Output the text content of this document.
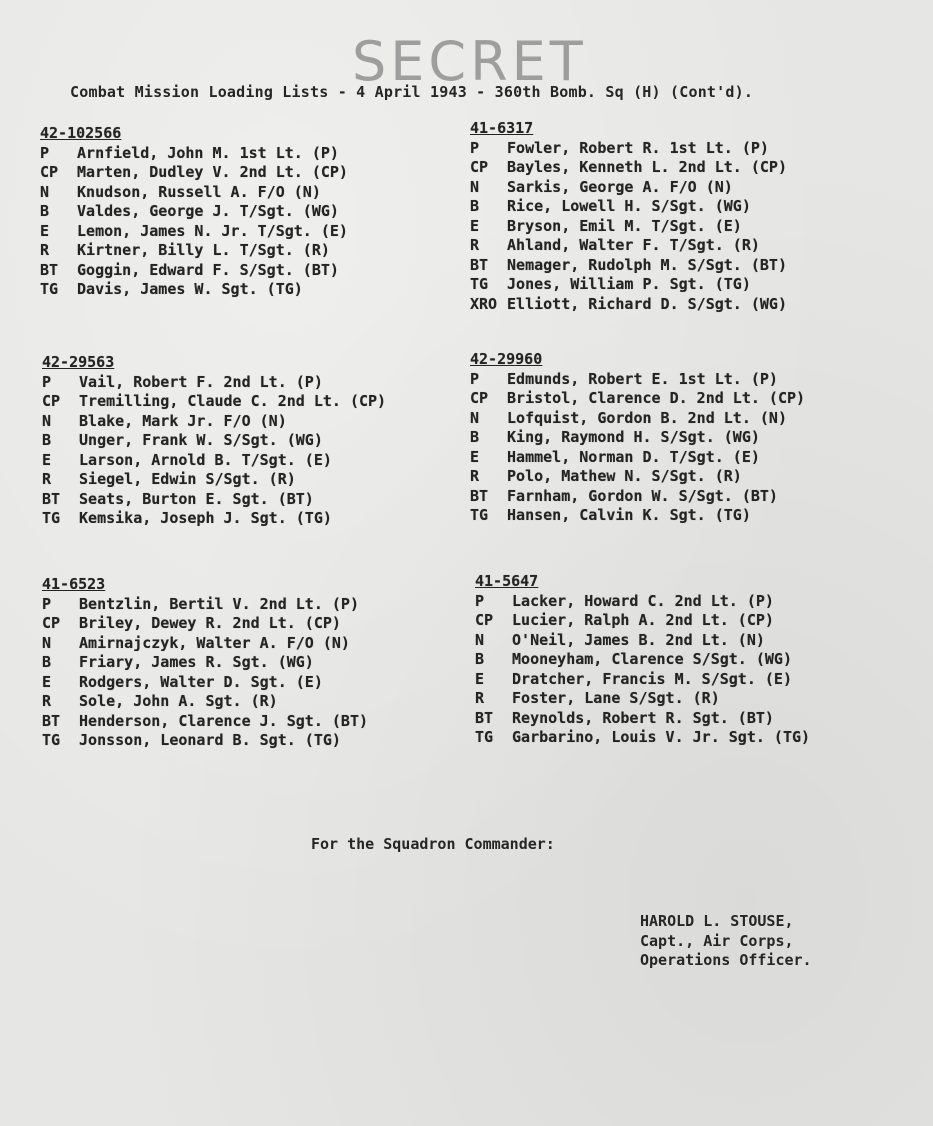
SECRET
Combat Mission Loading Lists - 4 April 1943 - 360th Bomb. Sq (H) (Cont'd).
42-102566
P Arnfield, John M. 1st Lt. (P)
CP Marten, Dudley V. 2nd Lt. (CP)
N Knudson, Russell A. F/O (N)
B Valdes, George J. T/Sgt. (WG)
E Lemon, James N. Jr. T/Sgt. (E)
R Kirtner, Billy L. T/Sgt. (R)
BT Goggin, Edward F. S/Sgt. (BT)
TG Davis, James W. Sgt. (TG)
41-6317
P Fowler, Robert R. 1st Lt. (P)
CP Bayles, Kenneth L. 2nd Lt. (CP)
N Sarkis, George A. F/O (N)
B Rice, Lowell H. S/Sgt. (WG)
E Bryson, Emil M. T/Sgt. (E)
R Ahland, Walter F. T/Sgt. (R)
BT Nemager, Rudolph M. S/Sgt. (BT)
TG Jones, William P. Sgt. (TG)
XRO Elliott, Richard D. S/Sgt. (WG)
42-29563
P Vail, Robert F. 2nd Lt. (P)
CP Tremilling, Claude C. 2nd Lt. (CP)
N Blake, Mark Jr. F/O (N)
B Unger, Frank W. S/Sgt. (WG)
E Larson, Arnold B. T/Sgt. (E)
R Siegel, Edwin S/Sgt. (R)
BT Seats, Burton E. Sgt. (BT)
TG Kemsika, Joseph J. Sgt. (TG)
42-29960
P Edmunds, Robert E. 1st Lt. (P)
CP Bristol, Clarence D. 2nd Lt. (CP)
N Lofquist, Gordon B. 2nd Lt. (N)
B King, Raymond H. S/Sgt. (WG)
E Hammel, Norman D. T/Sgt. (E)
R Polo, Mathew N. S/Sgt. (R)
BT Farnham, Gordon W. S/Sgt. (BT)
TG Hansen, Calvin K. Sgt. (TG)
41-6523
P Bentzlin, Bertil V. 2nd Lt. (P)
CP Briley, Dewey R. 2nd Lt. (CP)
N Amirnajczyk, Walter A. F/O (N)
B Friary, James R. Sgt. (WG)
E Rodgers, Walter D. Sgt. (E)
R Sole, John A. Sgt. (R)
BT Henderson, Clarence J. Sgt. (BT)
TG Jonsson, Leonard B. Sgt. (TG)
41-5647
P Lacker, Howard C. 2nd Lt. (P)
CP Lucier, Ralph A. 2nd Lt. (CP)
N O'Neil, James B. 2nd Lt. (N)
B Mooneyham, Clarence S/Sgt. (WG)
E Dratcher, Francis M. S/Sgt. (E)
R Foster, Lane S/Sgt. (R)
BT Reynolds, Robert R. Sgt. (BT)
TG Garbarino, Louis V. Jr. Sgt. (TG)
For the Squadron Commander:
HAROLD L. STOUSE,
Capt., Air Corps,
Operations Officer.
